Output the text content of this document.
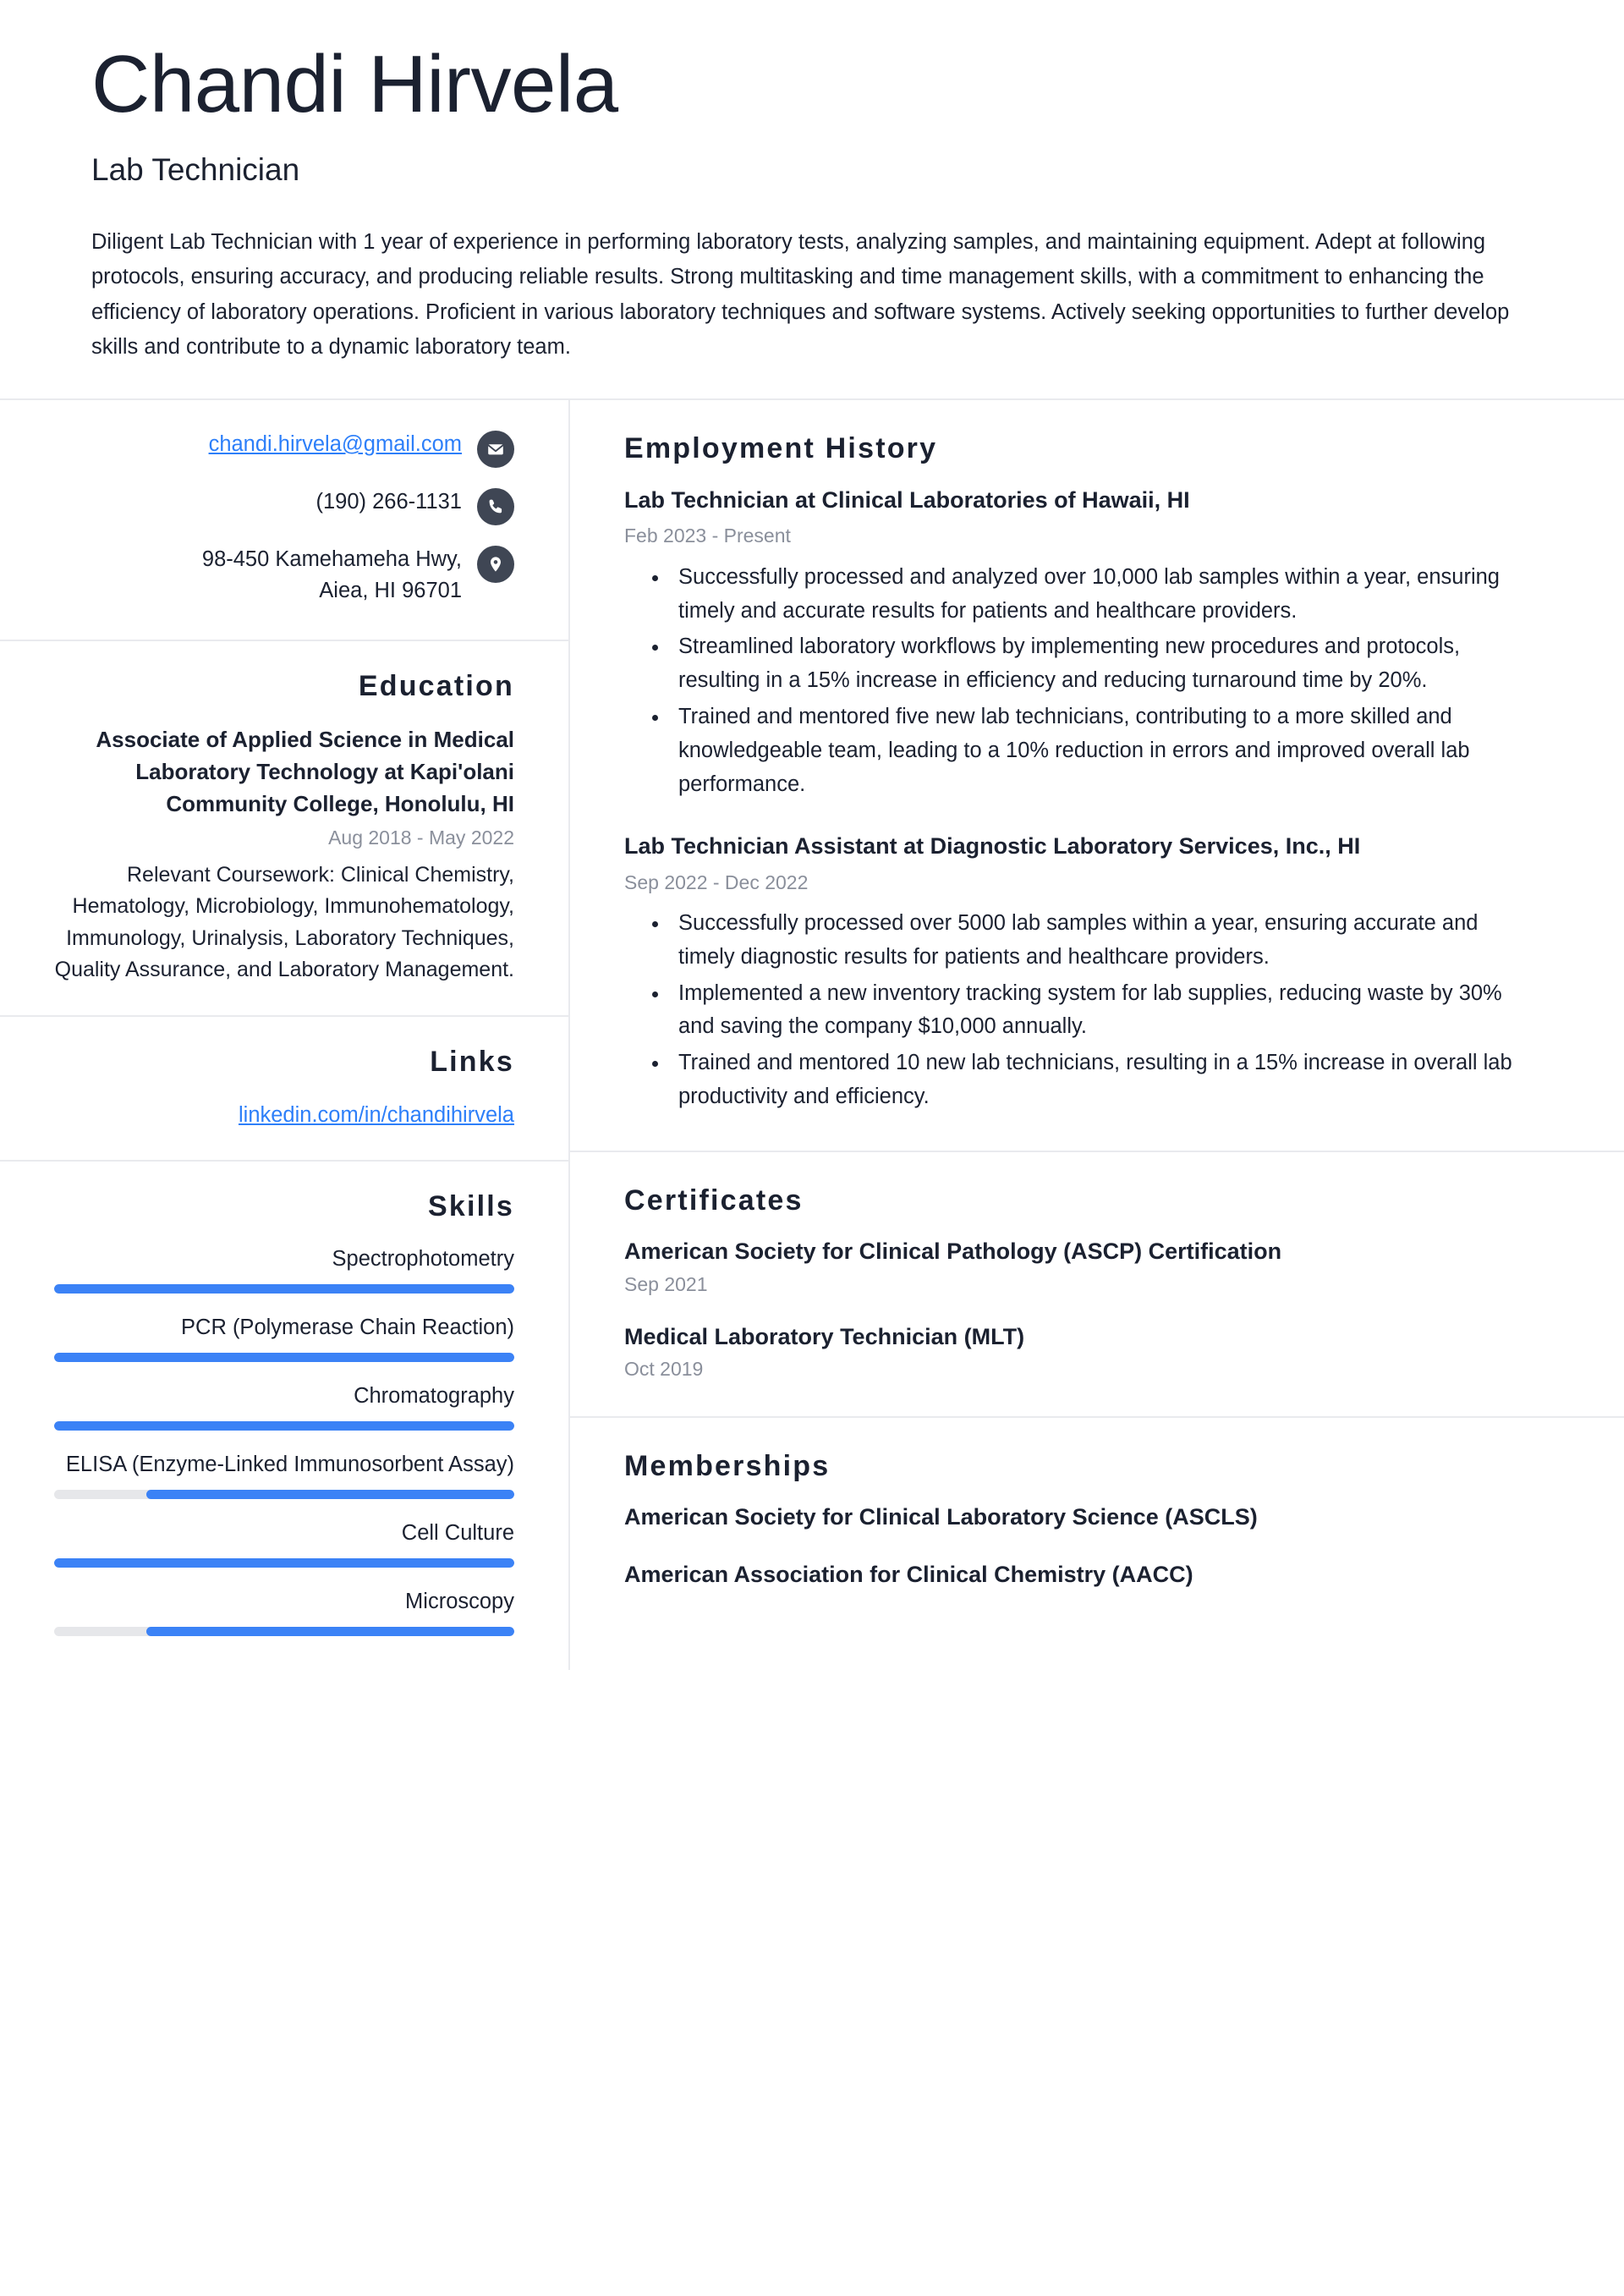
Chandi Hirvela
Lab Technician

Diligent Lab Technician with 1 year of experience in performing laboratory tests, analyzing samples, and maintaining equipment. Adept at following protocols, ensuring accuracy, and producing reliable results. Strong multitasking and time management skills, with a commitment to enhancing the efficiency of laboratory operations. Proficient in various laboratory techniques and software systems. Actively seeking opportunities to further develop skills and contribute to a dynamic laboratory team.

chandi.hirvela@gmail.com
(190) 266-1131
98-450 Kamehameha Hwy,
Aiea, HI 96701
Education
Associate of Applied Science in Medical Laboratory Technology at Kapi'olani Community College, Honolulu, HI
Aug 2018 - May 2022
Relevant Coursework: Clinical Chemistry, Hematology, Microbiology, Immunohematology, Immunology, Urinalysis, Laboratory Techniques, Quality Assurance, and Laboratory Management.
Links
linkedin.com/in/chandihirvela
Skills
Spectrophotometry
PCR (Polymerase Chain Reaction)
Chromatography
ELISA (Enzyme-Linked Immunosorbent Assay)
Cell Culture
Microscopy
Employment History
Lab Technician at Clinical Laboratories of Hawaii, HI
Feb 2023 - Present
• Successfully processed and analyzed over 10,000 lab samples within a year, ensuring timely and accurate results for patients and healthcare providers.
• Streamlined laboratory workflows by implementing new procedures and protocols, resulting in a 15% increase in efficiency and reducing turnaround time by 20%.
• Trained and mentored five new lab technicians, contributing to a more skilled and knowledgeable team, leading to a 10% reduction in errors and improved overall lab performance.
Lab Technician Assistant at Diagnostic Laboratory Services, Inc., HI
Sep 2022 - Dec 2022
• Successfully processed over 5000 lab samples within a year, ensuring accurate and timely diagnostic results for patients and healthcare providers.
• Implemented a new inventory tracking system for lab supplies, reducing waste by 30% and saving the company $10,000 annually.
• Trained and mentored 10 new lab technicians, resulting in a 15% increase in overall lab productivity and efficiency.
Certificates
American Society for Clinical Pathology (ASCP) Certification
Sep 2021
Medical Laboratory Technician (MLT)
Oct 2019
Memberships
American Society for Clinical Laboratory Science (ASCLS)
American Association for Clinical Chemistry (AACC)
